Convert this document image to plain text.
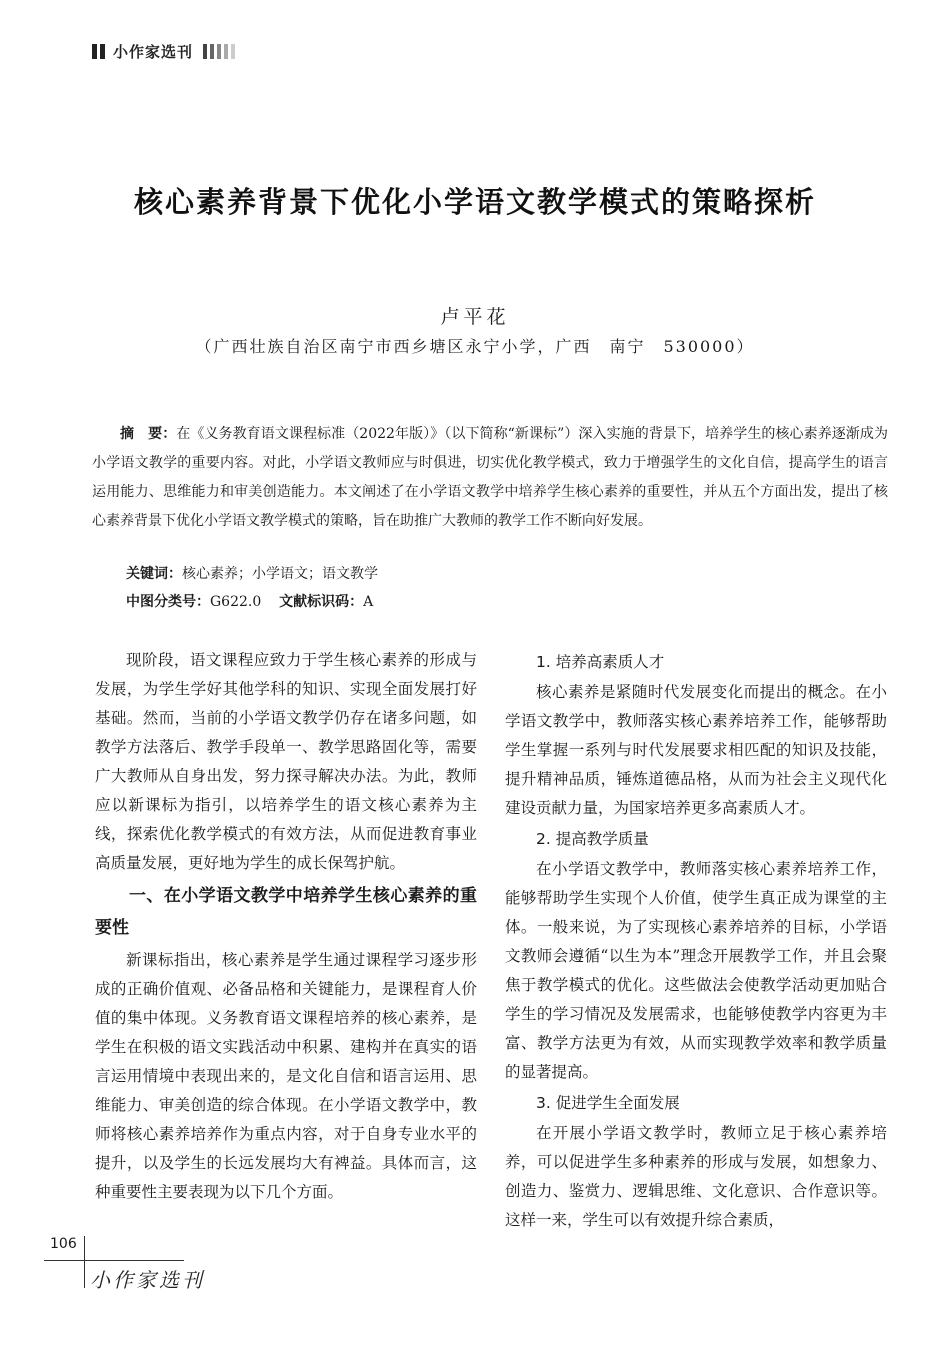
小作家选刊
核心素养背景下优化小学语文教学模式的策略探析
卢平花
（广西壮族自治区南宁市西乡塘区永宁小学，广西　南宁　530000）

摘　要：在《义务教育语文课程标准（2022年版）》（以下简称“新课标”）深入实施的背景下，培养学生的核心素养逐渐成为小学语文教学的重要内容。对此，小学语文教师应与时俱进，切实优化教学模式，致力于增强学生的文化自信，提高学生的语言运用能力、思维能力和审美创造能力。本文阐述了在小学语文教学中培养学生核心素养的重要性，并从五个方面出发，提出了核心素养背景下优化小学语文教学模式的策略，旨在助推广大教师的教学工作不断向好发展。

关键词：核心素养；小学语文；语文教学
中图分类号：G622.0 文献标识码：A

现阶段，语文课程应致力于学生核心素养的形成与发展，为学生学好其他学科的知识、实现全面发展打好基础。然而，当前的小学语文教学仍存在诸多问题，如教学方法落后、教学手段单一、教学思路固化等，需要广大教师从自身出发，努力探寻解决办法。为此，教师应以新课标为指引，以培养学生的语文核心素养为主线，探索优化教学模式的有效方法，从而促进教育事业高质量发展，更好地为学生的成长保驾护航。

一、在小学语文教学中培养学生核心素养的重要性

新课标指出，核心素养是学生通过课程学习逐步形成的正确价值观、必备品格和关键能力，是课程育人价值的集中体现。义务教育语文课程培养的核心素养，是学生在积极的语文实践活动中积累、建构并在真实的语言运用情境中表现出来的，是文化自信和语言运用、思维能力、审美创造的综合体现。在小学语文教学中，教师将核心素养培养作为重点内容，对于自身专业水平的提升，以及学生的长远发展均大有裨益。具体而言，这种重要性主要表现为以下几个方面。

1. 培养高素质人才

核心素养是紧随时代发展变化而提出的概念。在小学语文教学中，教师落实核心素养培养工作，能够帮助学生掌握一系列与时代发展要求相匹配的知识及技能，提升精神品质，锤炼道德品格，从而为社会主义现代化建设贡献力量，为国家培养更多高素质人才。

2. 提高教学质量

在小学语文教学中，教师落实核心素养培养工作，能够帮助学生实现个人价值，使学生真正成为课堂的主体。一般来说，为了实现核心素养培养的目标，小学语文教师会遵循“以生为本”理念开展教学工作，并且会聚焦于教学模式的优化。这些做法会使教学活动更加贴合学生的学习情况及发展需求，也能够使教学内容更为丰富、教学方法更为有效，从而实现教学效率和教学质量的显著提高。

3. 促进学生全面发展

在开展小学语文教学时，教师立足于核心素养培养，可以促进学生多种素养的形成与发展，如想象力、创造力、鉴赏力、逻辑思维、文化意识、合作意识等。这样一来，学生可以有效提升综合素质，

106
小作家选刊
